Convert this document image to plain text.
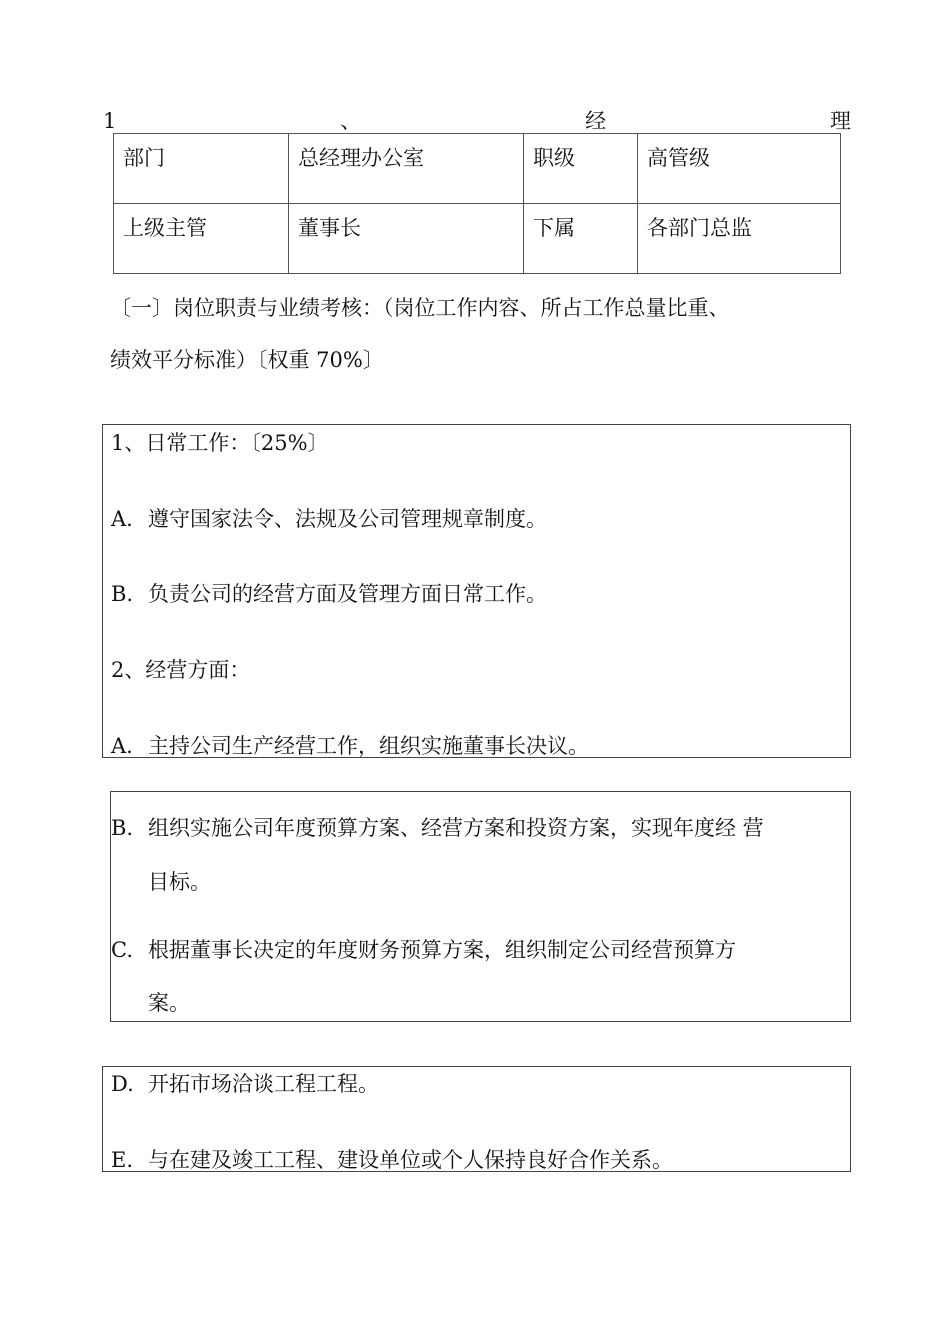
1	、	经	理
部门	总经理办公室	职级	高管级
上级主管	董事长	下属	各部门总监
〔一〕岗位职责与业绩考核：（岗位工作内容、所占工作总量比重、
绩效平分标准）〔权重 70%〕
1、日常工作：〔25%〕
A. 遵守国家法令、法规及公司管理规章制度。
B. 负责公司的经营方面及管理方面日常工作。
2、经营方面：
A. 主持公司生产经营工作，组织实施董事长决议。
B. 组织实施公司年度预算方案、经营方案和投资方案，实现年度经 营
目标。
C. 根据董事长决定的年度财务预算方案，组织制定公司经营预算方
案。
D. 开拓市场洽谈工程工程。
E. 与在建及竣工工程、建设单位或个人保持良好合作关系。
